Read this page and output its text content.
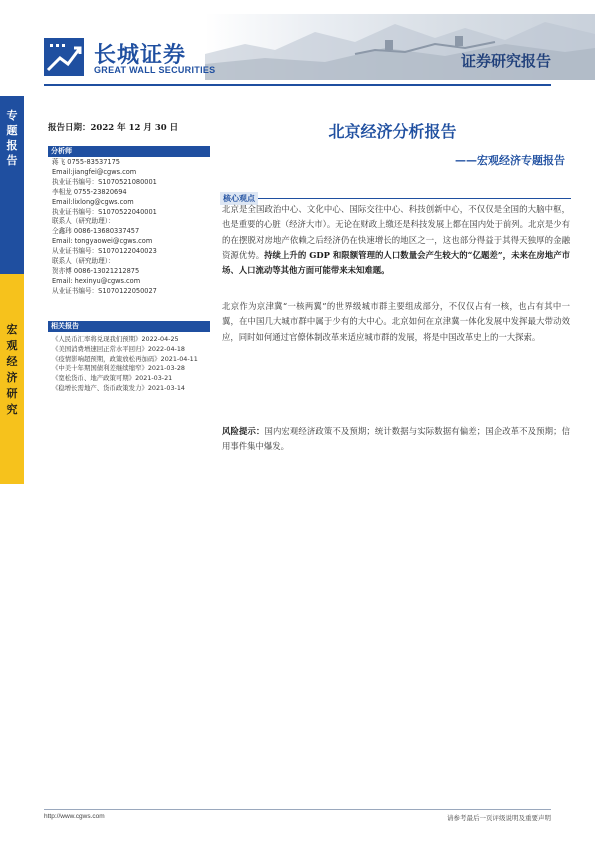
长城证券
GREAT WALL SECURITIES	证券研究报告
专
题
报
告
宏
观
经
济
研
究
报告日期：2022 年 12 月 30 日
分析师
蒋飞 0755-83537175
Email:jiangfei@cgws.com
执业证书编号：S1070521080001
李相龙 0755-23820694
Email:lixlong@cgws.com
执业证书编号：S1070522040001
联系人（研究助理）：
仝鑫玮 0086-13680337457
Email: tongyaowei@cgws.com
从业证书编号：S1070122040023
联系人（研究助理）：
贺亦博 0086-13021212875
Email: hexinyu@cgws.com
从业证书编号：S1070122050027
相关报告
《人民币汇率将兑现我们预期》2022-04-25
《美国消费增速回正常水平回归》2022-04-18
《疫情影响超预期，政策放松再加码》2021-04-11
《中美十年期国债利差继续缩窄》2021-03-28
《宽松货币、地产政策可期》2021-03-21
《稳增长需地产、货币政策发力》2021-03-14
北京经济分析报告
——宏观经济专题报告
核心观点
北京是全国政治中心、文化中心、国际交往中心、科技创新中心，不仅仅是全国的大脑中枢，也是重要的心脏（经济大市）。无论在财政上缴还是科技发展上都在国内处于前列。北京是少有的在摆脱对房地产依赖之后经济仍在快速增长的地区之一，这也部分得益于其得天独厚的金融资源优势。持续上升的 GDP 和限额管理的人口数量会产生较大的“亿题差”，未来在房地产市场、人口流动等其他方面可能带来未知难题。
北京作为京津冀“一核两翼”的世界级城市群主要组成部分，不仅仅占有一核，也占有其中一翼，在中国几大城市群中属于少有的大中心。北京如何在京津冀一体化发展中发挥最大带动效应，同时如何通过官僚体制改革来适应城市群的发展，将是中国改革史上的一大探索。
风险提示：国内宏观经济政策不及预期；统计数据与实际数据有偏差；国企改革不及预期；信用事件集中爆发。
http://www.cgws.com	请参考最后一页评级说明及重要声明
